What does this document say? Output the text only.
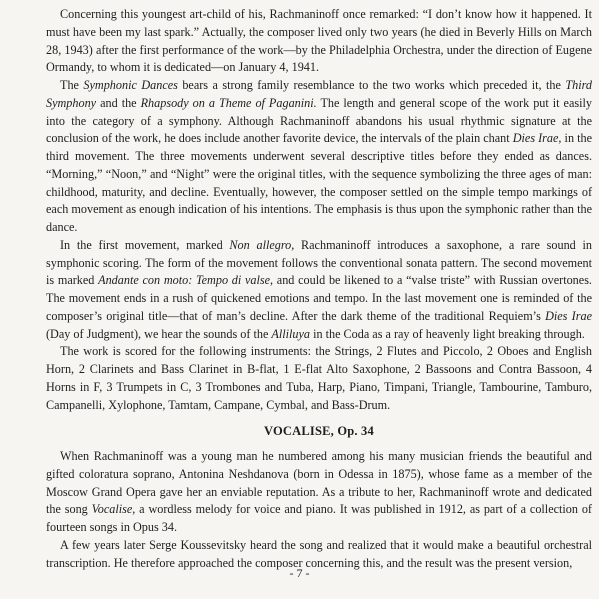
Concerning this youngest art-child of his, Rachmaninoff once remarked: “I don’t know how it happened. It must have been my last spark.” Actually, the composer lived only two years (he died in Beverly Hills on March 28, 1943) after the first performance of the work—by the Philadelphia Orchestra, under the direction of Eugene Ormandy, to whom it is dedicated—on January 4, 1941.

The Symphonic Dances bears a strong family resemblance to the two works which preceded it, the Third Symphony and the Rhapsody on a Theme of Paganini. The length and general scope of the work put it easily into the category of a symphony. Although Rachmaninoff abandons his usual rhythmic signature at the conclusion of the work, he does include another favorite device, the intervals of the plain chant Dies Irae, in the third movement. The three movements underwent several descriptive titles before they ended as dances. “Morning,” “Noon,” and “Night” were the original titles, with the sequence symbolizing the three ages of man: childhood, maturity, and decline. Eventually, however, the composer settled on the simple tempo markings of each movement as enough indication of his intentions. The emphasis is thus upon the symphonic rather than the dance.

In the first movement, marked Non allegro, Rachmaninoff introduces a saxophone, a rare sound in symphonic scoring. The form of the movement follows the conventional sonata pattern. The second movement is marked Andante con moto: Tempo di valse, and could be likened to a “valse triste” with Russian overtones. The movement ends in a rush of quickened emotions and tempo. In the last movement one is reminded of the composer’s original title—that of man’s decline. After the dark theme of the traditional Requiem’s Dies Irae (Day of Judgment), we hear the sounds of the Alliluya in the Coda as a ray of heavenly light breaking through.

The work is scored for the following instruments: the Strings, 2 Flutes and Piccolo, 2 Oboes and English Horn, 2 Clarinets and Bass Clarinet in B-flat, 1 E-flat Alto Saxophone, 2 Bassoons and Contra Bassoon, 4 Horns in F, 3 Trumpets in C, 3 Trombones and Tuba, Harp, Piano, Timpani, Triangle, Tambourine, Tamburo, Campanelli, Xylophone, Tamtam, Campane, Cymbal, and Bass-Drum.

VOCALISE, Op. 34

When Rachmaninoff was a young man he numbered among his many musician friends the beautiful and gifted coloratura soprano, Antonina Neshdanova (born in Odessa in 1875), whose fame as a member of the Moscow Grand Opera gave her an enviable reputation. As a tribute to her, Rachmaninoff wrote and dedicated the song Vocalise, a wordless melody for voice and piano. It was published in 1912, as part of a collection of fourteen songs in Opus 34.

A few years later Serge Koussevitsky heard the song and realized that it would make a beautiful orchestral transcription. He therefore approached the composer concerning this, and the result was the present version,

- 7 -
